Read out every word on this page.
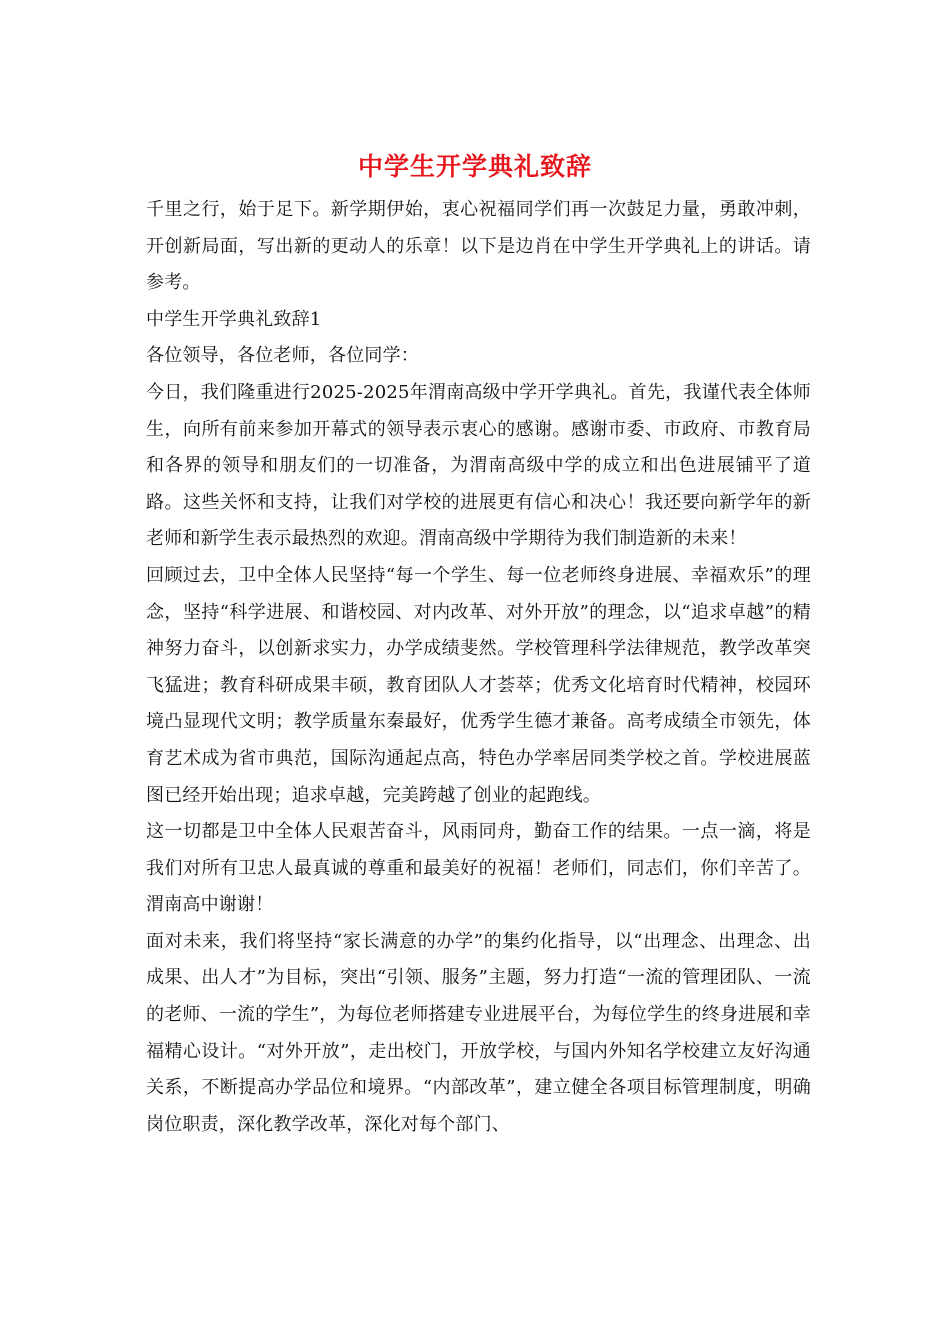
中学生开学典礼致辞

千里之行，始于足下。新学期伊始，衷心祝福同学们再一次鼓足力量，勇敢冲刺，开创新局面，写出新的更动人的乐章！以下是边肖在中学生开学典礼上的讲话。请参考。

中学生开学典礼致辞1

各位领导，各位老师，各位同学：

今日，我们隆重进行2025-2025年渭南高级中学开学典礼。首先，我谨代表全体师生，向所有前来参加开幕式的领导表示衷心的感谢。感谢市委、市政府、市教育局和各界的领导和朋友们的一切准备，为渭南高级中学的成立和出色进展铺平了道路。这些关怀和支持，让我们对学校的进展更有信心和决心！我还要向新学年的新老师和新学生表示最热烈的欢迎。渭南高级中学期待为我们制造新的未来！

回顾过去，卫中全体人民坚持“每一个学生、每一位老师终身进展、幸福欢乐”的理念，坚持“科学进展、和谐校园、对内改革、对外开放”的理念，以“追求卓越”的精神努力奋斗，以创新求实力，办学成绩斐然。学校管理科学法律规范，教学改革突飞猛进；教育科研成果丰硕，教育团队人才荟萃；优秀文化培育时代精神，校园环境凸显现代文明；教学质量东秦最好，优秀学生德才兼备。高考成绩全市领先，体育艺术成为省市典范，国际沟通起点高，特色办学率居同类学校之首。学校进展蓝图已经开始出现；追求卓越，完美跨越了创业的起跑线。

这一切都是卫中全体人民艰苦奋斗，风雨同舟，勤奋工作的结果。一点一滴，将是我们对所有卫忠人最真诚的尊重和最美好的祝福！老师们，同志们，你们辛苦了。渭南高中谢谢！

面对未来，我们将坚持“家长满意的办学”的集约化指导，以“出理念、出理念、出成果、出人才”为目标，突出“引领、服务”主题，努力打造“一流的管理团队、一流的老师、一流的学生”，为每位老师搭建专业进展平台，为每位学生的终身进展和幸福精心设计。“对外开放”，走出校门，开放学校，与国内外知名学校建立友好沟通关系，不断提高办学品位和境界。“内部改革”，建立健全各项目标管理制度，明确岗位职责，深化教学改革，深化对每个部门、
